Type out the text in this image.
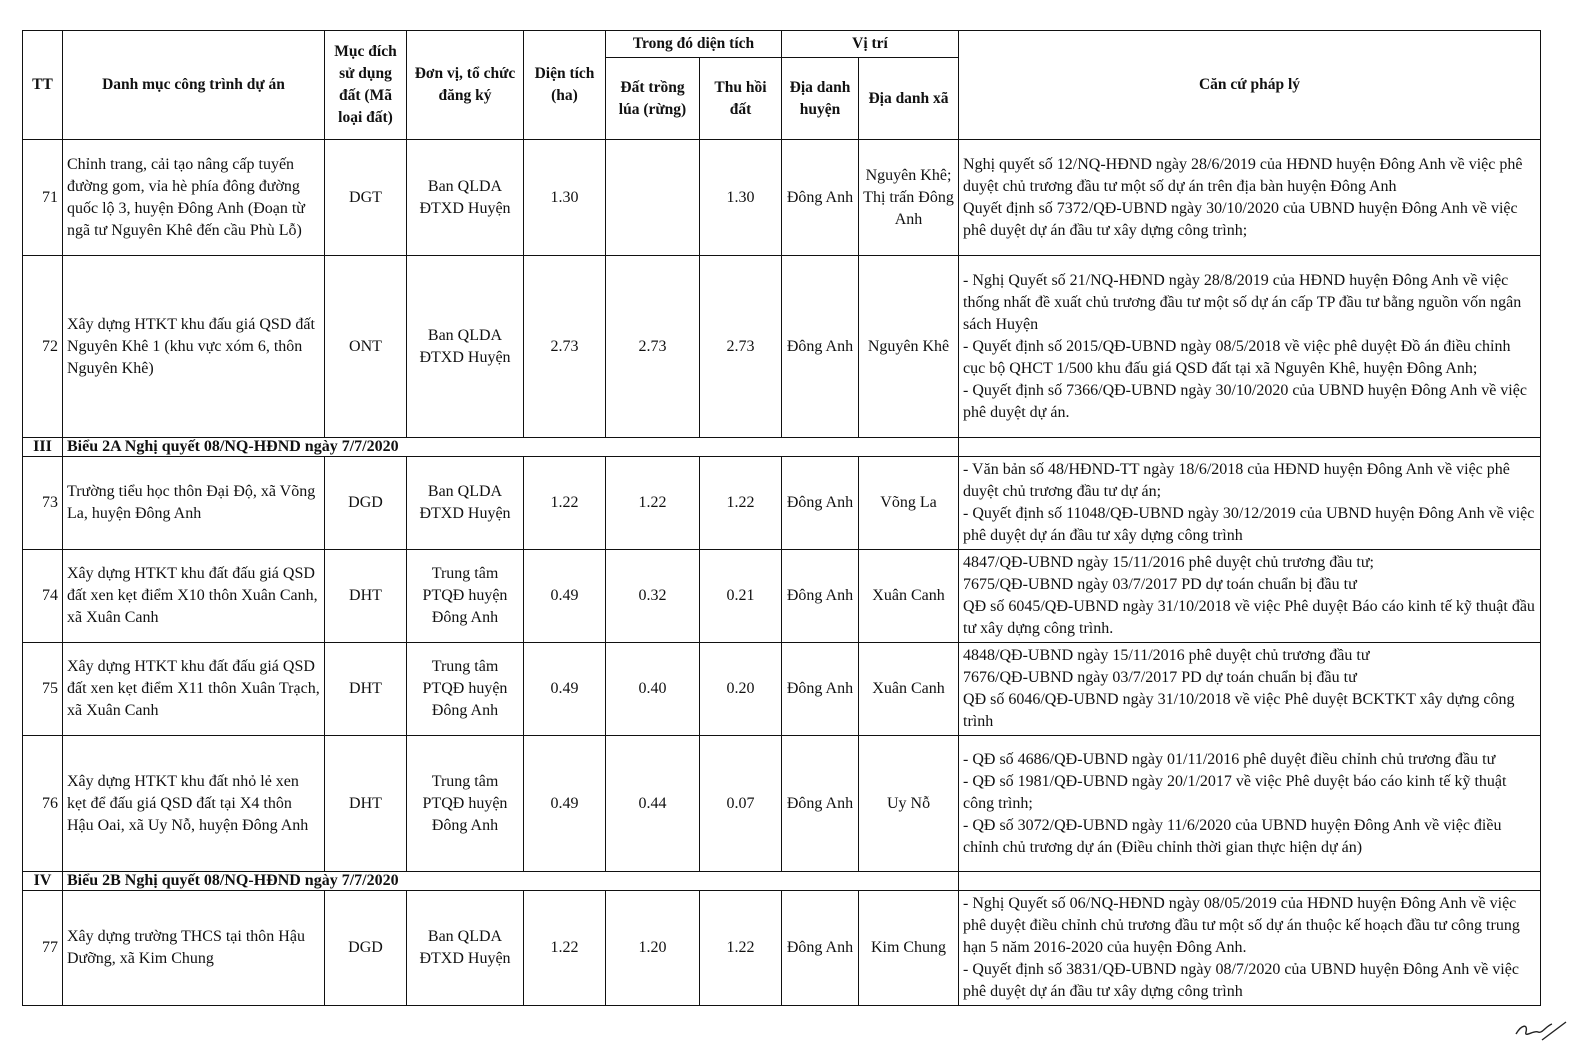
TT	Danh mục công trình dự án	Mục đích sử dụng đất (Mã loại đất)	Đơn vị, tổ chức đăng ký	Diện tích (ha)	Trong đó diện tích		Vị trí		Căn cứ pháp lý
					Đất trồng lúa (rừng)	Thu hồi đất	Địa danh huyện	Địa danh xã	
71	Chỉnh trang, cải tạo nâng cấp tuyến đường gom, vỉa hè phía đông đường quốc lộ 3, huyện Đông Anh (Đoạn từ ngã tư Nguyên Khê đến cầu Phù Lỗ)	DGT	Ban QLDA ĐTXD Huyện	1.30		1.30	Đông Anh	Nguyên Khê; Thị trấn Đông Anh	Nghị quyết số 12/NQ-HĐND ngày 28/6/2019 của HĐND huyện Đông Anh về việc phê duyệt chủ trương đầu tư một số dự án trên địa bàn huyện Đông Anh
Quyết định số 7372/QĐ-UBND ngày 30/10/2020 của UBND huyện Đông Anh về việc phê duyệt dự án đầu tư xây dựng công trình;

72	Xây dựng HTKT khu đấu giá QSD đất Nguyên Khê 1 (khu vực xóm 6, thôn Nguyên Khê)	ONT	Ban QLDA ĐTXD Huyện	2.73	2.73	2.73	Đông Anh	Nguyên Khê	- Nghị Quyết số 21/NQ-HĐND ngày 28/8/2019 của HĐND huyện Đông Anh về việc thống nhất đề xuất chủ trương đầu tư một số dự án cấp TP đầu tư bằng nguồn vốn ngân sách Huyện
- Quyết định số 2015/QĐ-UBND ngày 08/5/2018 về việc phê duyệt Đồ án điều chỉnh cục bộ QHCT 1/500 khu đấu giá QSD đất tại xã Nguyên Khê, huyện Đông Anh;
- Quyết định số 7366/QĐ-UBND ngày 30/10/2020 của UBND huyện Đông Anh về việc phê duyệt dự án.

III	Biểu 2A Nghị quyết 08/NQ-HĐND ngày 7/7/2020								
73	Trường tiểu học thôn Đại Độ, xã Võng La, huyện Đông Anh	DGD	Ban QLDA ĐTXD Huyện	1.22	1.22	1.22	Đông Anh	Võng La	- Văn bản số 48/HĐND-TT ngày 18/6/2018 của HĐND huyện Đông Anh về việc phê duyệt chủ trương đầu tư dự án;
- Quyết định số 11048/QĐ-UBND ngày 30/12/2019 của UBND huyện Đông Anh về việc phê duyệt dự án đầu tư xây dựng công trình

74	Xây dựng HTKT khu đất đấu giá QSD đất xen kẹt điểm X10 thôn Xuân Canh, xã Xuân Canh	DHT	Trung tâm PTQĐ huyện Đông Anh	0.49	0.32	0.21	Đông Anh	Xuân Canh	4847/QĐ-UBND ngày 15/11/2016 phê duyệt chủ trương đầu tư;
7675/QĐ-UBND ngày 03/7/2017 PD dự toán chuẩn bị đầu tư
QĐ số 6045/QĐ-UBND ngày 31/10/2018 về việc Phê duyệt Báo cáo kinh tế kỹ thuật đầu tư xây dựng công trình.

75	Xây dựng HTKT khu đất đấu giá QSD đất xen kẹt điểm X11 thôn Xuân Trạch, xã Xuân Canh	DHT	Trung tâm PTQĐ huyện Đông Anh	0.49	0.40	0.20	Đông Anh	Xuân Canh	4848/QĐ-UBND ngày 15/11/2016 phê duyệt chủ trương đầu tư
7676/QĐ-UBND ngày 03/7/2017 PD dự toán chuẩn bị đầu tư
QĐ số 6046/QĐ-UBND ngày 31/10/2018 về việc Phê duyệt BCKTKT xây dựng công trình

76	Xây dựng HTKT khu đất nhỏ lẻ xen kẹt để đấu giá QSD đất tại X4 thôn Hậu Oai, xã Uy Nỗ, huyện Đông Anh	DHT	Trung tâm PTQĐ huyện Đông Anh	0.49	0.44	0.07	Đông Anh	Uy Nỗ	- QĐ số 4686/QĐ-UBND ngày 01/11/2016 phê duyệt điều chỉnh chủ trương đầu tư
- QĐ số 1981/QĐ-UBND ngày 20/1/2017 về việc Phê duyệt báo cáo kinh tế kỹ thuật công trình;
- QĐ số 3072/QĐ-UBND ngày 11/6/2020 của UBND huyện Đông Anh về việc điều chỉnh chủ trương dự án (Điều chỉnh thời gian thực hiện dự án)

IV	Biểu 2B Nghị quyết 08/NQ-HĐND ngày 7/7/2020								
77	Xây dựng trường THCS tại thôn Hậu Dưỡng, xã Kim Chung	DGD	Ban QLDA ĐTXD Huyện	1.22	1.20	1.22	Đông Anh	Kim Chung	- Nghị Quyết số 06/NQ-HĐND ngày 08/05/2019 của HĐND huyện Đông Anh về việc phê duyệt điều chỉnh chủ trương đầu tư một số dự án thuộc kế hoạch đầu tư công trung hạn 5 năm 2016-2020 của huyện Đông Anh.
- Quyết định số 3831/QĐ-UBND ngày 08/7/2020 của UBND huyện Đông Anh về việc phê duyệt dự án đầu tư xây dựng công trình
